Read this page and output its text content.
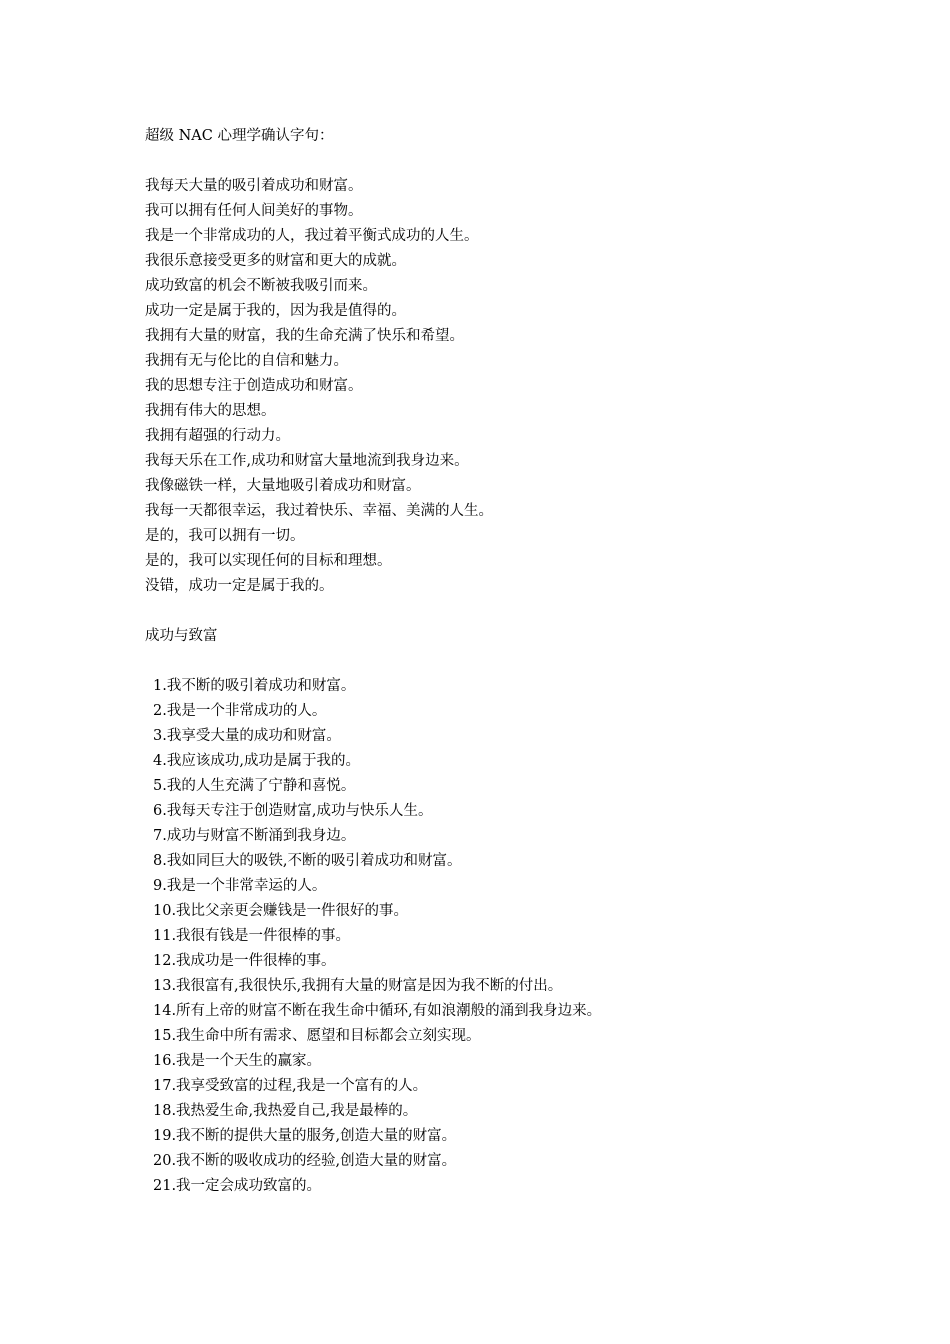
超级 NAC 心理学确认字句：
我每天大量的吸引着成功和财富。
我可以拥有任何人间美好的事物。
我是一个非常成功的人，我过着平衡式成功的人生。
我很乐意接受更多的财富和更大的成就。
成功致富的机会不断被我吸引而来。
成功一定是属于我的，因为我是值得的。
我拥有大量的财富，我的生命充满了快乐和希望。
我拥有无与伦比的自信和魅力。
我的思想专注于创造成功和财富。
我拥有伟大的思想。
我拥有超强的行动力。
我每天乐在工作,成功和财富大量地流到我身边来。
我像磁铁一样，大量地吸引着成功和财富。
我每一天都很幸运，我过着快乐、幸福、美满的人生。
是的，我可以拥有一切。
是的，我可以实现任何的目标和理想。
没错，成功一定是属于我的。
成功与致富
1.我不断的吸引着成功和财富。
2.我是一个非常成功的人。
3.我享受大量的成功和财富。
4.我应该成功,成功是属于我的。
5.我的人生充满了宁静和喜悦。
6.我每天专注于创造财富,成功与快乐人生。
7.成功与财富不断涌到我身边。
8.我如同巨大的吸铁,不断的吸引着成功和财富。
9.我是一个非常幸运的人。
10.我比父亲更会赚钱是一件很好的事。
11.我很有钱是一件很棒的事。
12.我成功是一件很棒的事。
13.我很富有,我很快乐,我拥有大量的财富是因为我不断的付出。
14.所有上帝的财富不断在我生命中循环,有如浪潮般的涌到我身边来。
15.我生命中所有需求、愿望和目标都会立刻实现。
16.我是一个天生的赢家。
17.我享受致富的过程,我是一个富有的人。
18.我热爱生命,我热爱自己,我是最棒的。
19.我不断的提供大量的服务,创造大量的财富。
20.我不断的吸收成功的经验,创造大量的财富。
21.我一定会成功致富的。
